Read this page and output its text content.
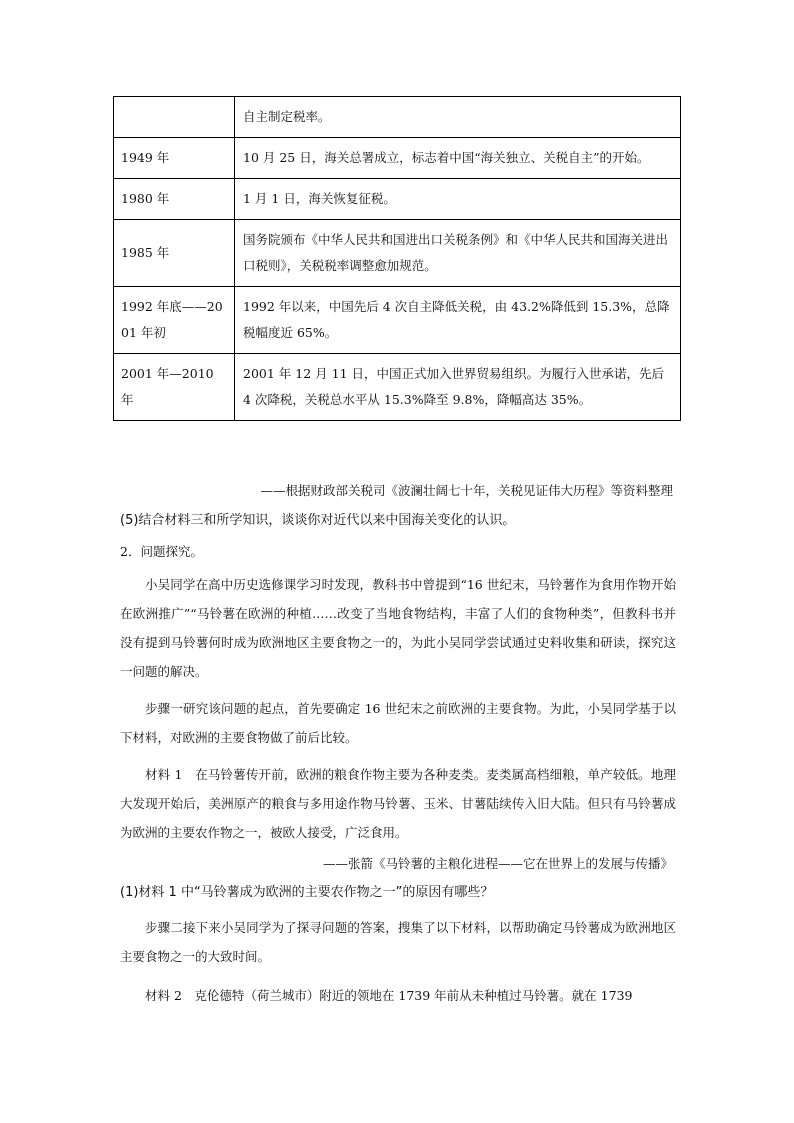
	自主制定税率。
1949 年	10 月 25 日，海关总署成立，标志着中国“海关独立、关税自主”的开始。
1980 年	1 月 1 日，海关恢复征税。
1985 年	国务院颁布《中华人民共和国进出口关税条例》和《中华人民共和国海关进出口税则》，关税税率调整愈加规范。
1992 年底——2001 年初	1992 年以来，中国先后 4 次自主降低关税，由 43.2%降低到 15.3%，总降税幅度近 65%。
2001 年—2010 年	2001 年 12 月 11 日，中国正式加入世界贸易组织。为履行入世承诺，先后 4 次降税，关税总水平从 15.3%降至 9.8%，降幅高达 35%。
——根据财政部关税司《波澜壮阔七十年，关税见证伟大历程》等资料整理
(5)结合材料三和所学知识，谈谈你对近代以来中国海关变化的认识。
2．问题探究。
小吴同学在高中历史选修课学习时发现，教科书中曾提到“16 世纪末，马铃薯作为食用作物开始在欧洲推广”“马铃薯在欧洲的种植……改变了当地食物结构，丰富了人们的食物种类”，但教科书并没有提到马铃薯何时成为欧洲地区主要食物之一的，为此小吴同学尝试通过史料收集和研读，探究这一问题的解决。
步骤一研究该问题的起点，首先要确定 16 世纪末之前欧洲的主要食物。为此，小吴同学基于以下材料，对欧洲的主要食物做了前后比较。
材料 1　在马铃薯传开前，欧洲的粮食作物主要为各种麦类。麦类属高档细粮，单产较低。地理大发现开始后，美洲原产的粮食与多用途作物马铃薯、玉米、甘薯陆续传入旧大陆。但只有马铃薯成为欧洲的主要农作物之一，被欧人接受，广泛食用。
——张箭《马铃薯的主粮化进程——它在世界上的发展与传播》
(1)材料 1 中“马铃薯成为欧洲的主要农作物之一”的原因有哪些？
步骤二接下来小吴同学为了探寻问题的答案，搜集了以下材料，以帮助确定马铃薯成为欧洲地区主要食物之一的大致时间。
材料 2　克伦德特（荷兰城市）附近的领地在 1739 年前从未种植过马铃薯。就在 1739
